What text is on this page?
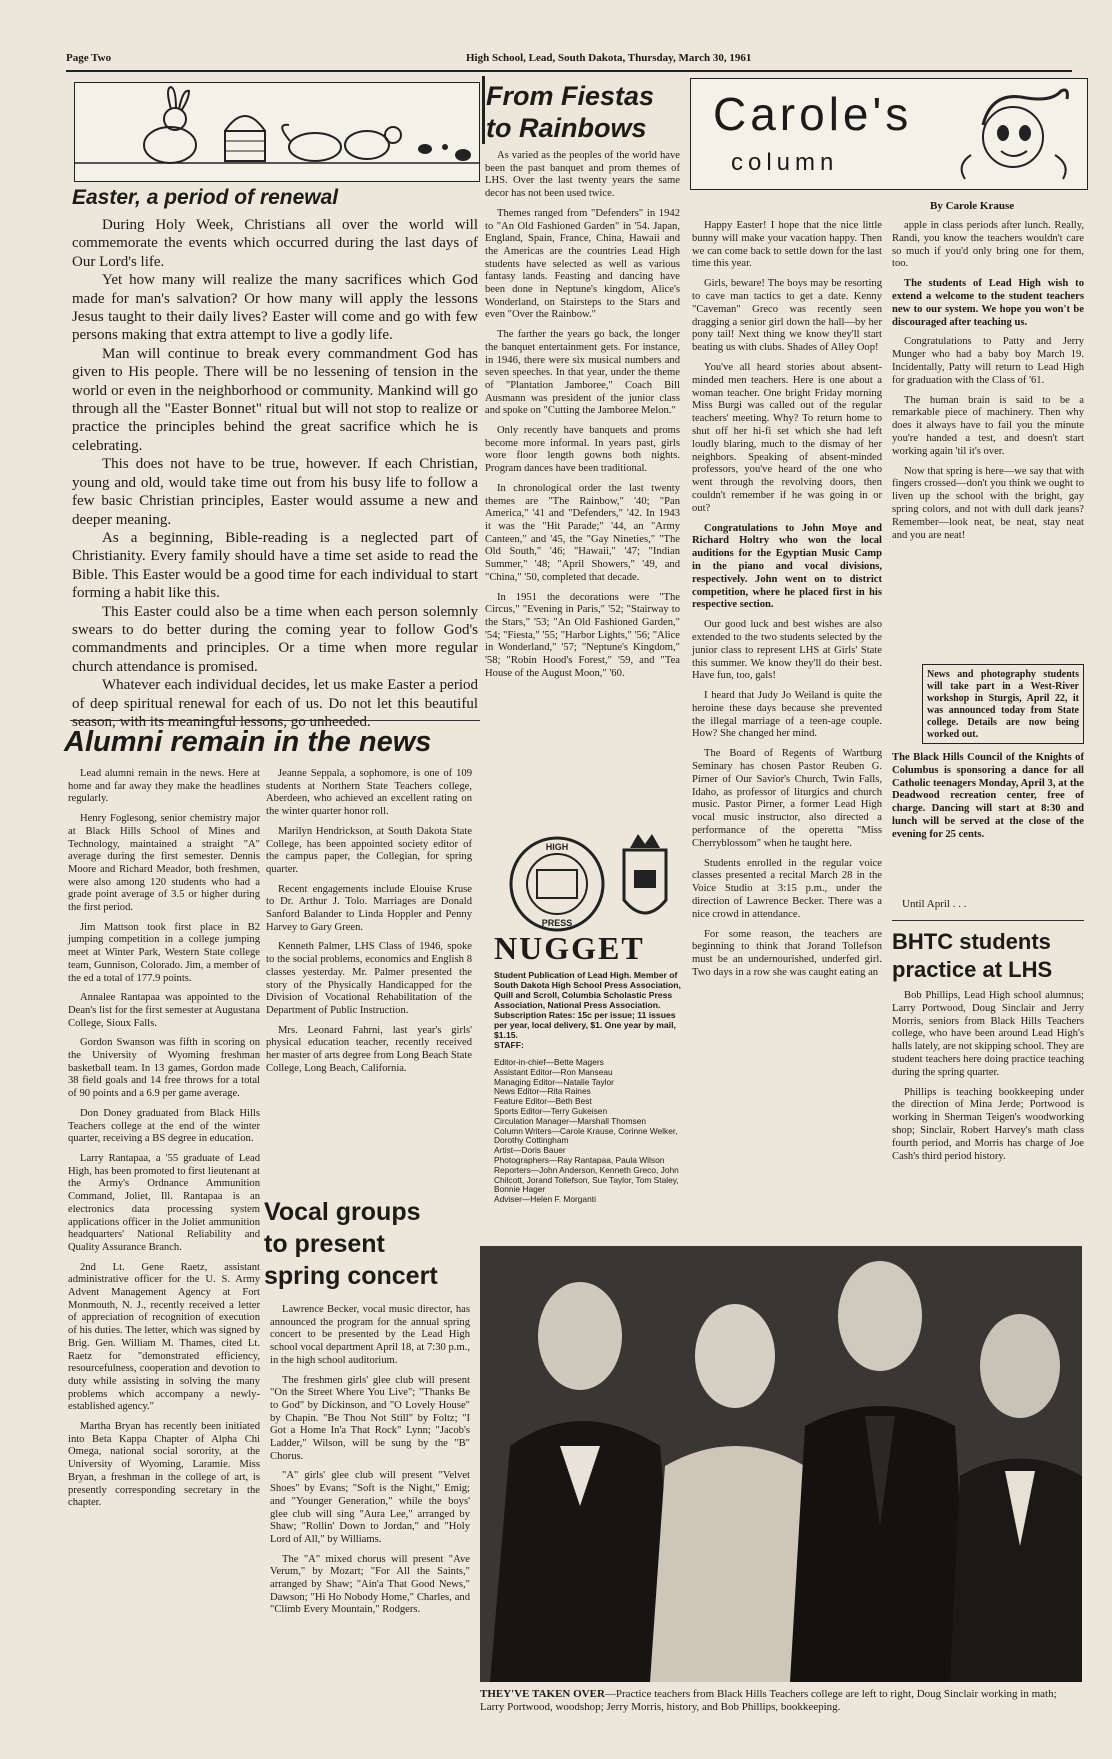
Page Two	High School, Lead, South Dakota, Thursday, March 30, 1961
Easter, a period of renewal

During Holy Week, Christians all over the world will commemorate the events which occurred during the last days of Our Lord's life.

Yet how many will realize the many sacrifices which God made for man's salvation? Or how many will apply the lessons Jesus taught to their daily lives? Easter will come and go with few persons making that extra attempt to live a godly life.

Man will continue to break every commandment God has given to His people. There will be no lessening of tension in the world or even in the neighborhood or community. Mankind will go through all the "Easter Bonnet" ritual but will not stop to realize or practice the principles behind the great sacrifice which he is celebrating.

This does not have to be true, however. If each Christian, young and old, would take time out from his busy life to follow a few basic Christian principles, Easter would assume a new and deeper meaning.

As a beginning, Bible-reading is a neglected part of Christianity. Every family should have a time set aside to read the Bible. This Easter would be a good time for each individual to start forming a habit like this.

This Easter could also be a time when each person solemnly swears to do better during the coming year to follow God's commandments and principles. Or a time when more regular church attendance is promised.

Whatever each individual decides, let us make Easter a period of deep spiritual renewal for each of us. Do not let this beautiful season, with its meaningful lessons, go unheeded.

From Fiestas
to Rainbows

As varied as the peoples of the world have been the past banquet and prom themes of LHS. Over the last twenty years the same decor has not been used twice.

Themes ranged from "Defenders" in 1942 to "An Old Fashioned Garden" in '54. Japan, England, Spain, France, China, Hawaii and the Americas are the countries Lead High students have selected as well as various fantasy lands. Feasting and dancing have been done in Neptune's kingdom, Alice's Wonderland, on Stairsteps to the Stars and even "Over the Rainbow."

The farther the years go back, the longer the banquet entertainment gets. For instance, in 1946, there were six musical numbers and seven speeches. In that year, under the theme of "Plantation Jamboree," Coach Bill Ausmann was president of the junior class and spoke on "Cutting the Jamboree Melon."

Only recently have banquets and proms become more informal. In years past, girls wore floor length gowns both nights. Program dances have been traditional.

In chronological order the last twenty themes are "The Rainbow," '40; "Pan America," '41 and "Defenders," '42. In 1943 it was the "Hit Parade;" '44, an "Army Canteen," and '45, the "Gay Nineties," "The Old South," '46; "Hawaii," '47; "Indian Summer," '48; "April Showers," '49, and "China," '50, completed that decade.

In 1951 the decorations were "The Circus," "Evening in Paris," '52; "Stairway to the Stars," '53; "An Old Fashioned Garden," '54; "Fiesta," '55; "Harbor Lights," '56; "Alice in Wonderland," '57; "Neptune's Kingdom," '58; "Robin Hood's Forest," '59, and "Tea House of the August Moon," '60.

Carole's
column
By Carole Krause

Happy Easter! I hope that the nice little bunny will make your vacation happy. Then we can come back to settle down for the last time this year.

Girls, beware! The boys may be resorting to cave man tactics to get a date. Kenny "Caveman" Greco was recently seen dragging a senior girl down the hall—by her pony tail! Next thing we know they'll start beating us with clubs. Shades of Alley Oop!

You've all heard stories about absent-minded men teachers. Here is one about a woman teacher. One bright Friday morning Miss Burgi was called out of the regular teachers' meeting. Why? To return home to shut off her hi-fi set which she had left loudly blaring, much to the dismay of her neighbors. Speaking of absent-minded professors, you've heard of the one who went through the revolving doors, then couldn't remember if he was going in or out?

Congratulations to John Moye and Richard Holtry who won the local auditions for the Egyptian Music Camp in the piano and vocal divisions, respectively. John went on to district competition, where he placed first in his respective section.

Our good luck and best wishes are also extended to the two students selected by the junior class to represent LHS at Girls' State this summer. We know they'll do their best. Have fun, too, gals!

I heard that Judy Jo Weiland is quite the heroine these days because she prevented the illegal marriage of a teen-age couple. How? She changed her mind.

The Board of Regents of Wartburg Seminary has chosen Pastor Reuben G. Pirner of Our Savior's Church, Twin Falls, Idaho, as professor of liturgics and church music. Pastor Pirner, a former Lead High vocal music instructor, also directed a performance of the operetta "Miss Cherryblossom" when he taught here.

Students enrolled in the regular voice classes presented a recital March 28 in the Voice Studio at 3:15 p.m., under the direction of Lawrence Becker. There was a nice crowd in attendance.

For some reason, the teachers are beginning to think that Jorand Tollefson must be an undernourished, underfed girl. Two days in a row she was caught eating an

apple in class periods after lunch. Really, Randi, you know the teachers wouldn't care so much if you'd only bring one for them, too.

The students of Lead High wish to extend a welcome to the student teachers new to our system. We hope you won't be discouraged after teaching us.

Congratulations to Patty and Jerry Munger who had a baby boy March 19. Incidentally, Patty will return to Lead High for graduation with the Class of '61.

The human brain is said to be a remarkable piece of machinery. Then why does it always have to fail you the minute you're handed a test, and doesn't start working again 'til it's over.

Now that spring is here—we say that with fingers crossed—don't you think we ought to liven up the school with the bright, gay spring colors, and not with dull dark jeans? Remember—look neat, be neat, stay neat and you are neat!

News and photography students will take part in a West-River workshop in Sturgis, April 22, it was announced today from State college. Details are now being worked out.
The Black Hills Council of the Knights of Columbus is sponsoring a dance for all Catholic teenagers Monday, April 3, at the Deadwood recreation center, free of charge. Dancing will start at 8:30 and lunch will be served at the close of the evening for 25 cents.
Until April . . .
BHTC students
practice at LHS

Bob Phillips, Lead High school alumnus; Larry Portwood, Doug Sinclair and Jerry Morris, seniors from Black Hills Teachers college, who have been around Lead High's halls lately, are not skipping school. They are student teachers here doing practice teaching during the spring quarter.

Phillips is teaching bookkeeping under the direction of Mina Jerde; Portwood is working in Sherman Teigen's woodworking shop; Sinclair, Robert Harvey's math class fourth period, and Morris has charge of Joe Cash's third period history.

Alumni remain in the news

Lead alumni remain in the news. Here at home and far away they make the headlines regularly.

Henry Foglesong, senior chemistry major at Black Hills School of Mines and Technology, maintained a straight "A" average during the first semester. Dennis Moore and Richard Meador, both freshmen, were also among 120 students who had a grade point average of 3.5 or higher during the first period.

Jim Mattson took first place in B2 jumping competition in a college jumping meet at Winter Park, Western State college team, Gunnison, Colorado. Jim, a member of the ed a total of 177.9 points.

Annalee Rantapaa was appointed to the Dean's list for the first semester at Augustana College, Sioux Falls.

Gordon Swanson was fifth in scoring on the University of Wyoming freshman basketball team. In 13 games, Gordon made 38 field goals and 14 free throws for a total of 90 points and a 6.9 per game average.

Don Doney graduated from Black Hills Teachers college at the end of the winter quarter, receiving a BS degree in education.

Larry Rantapaa, a '55 graduate of Lead High, has been promoted to first lieutenant at the Army's Ordnance Ammunition Command, Joliet, Ill. Rantapaa is an electronics data processing system applications officer in the Joliet ammunition headquarters' National Reliability and Quality Assurance Branch.

2nd Lt. Gene Raetz, assistant administrative officer for the U. S. Army Advent Management Agency at Fort Monmouth, N. J., recently received a letter of appreciation of recognition of execution of his duties. The letter, which was signed by Brig. Gen. William M. Thames, cited Lt. Raetz for "demonstrated efficiency, resourcefulness, cooperation and devotion to duty while assisting in solving the many problems which accompany a newly-established agency."

Martha Bryan has recently been initiated into Beta Kappa Chapter of Alpha Chi Omega, national social sorority, at the University of Wyoming, Laramie. Miss Bryan, a freshman in the college of art, is presently corresponding secretary in the chapter.

Jeanne Seppala, a sophomore, is one of 109 students at Northern State Teachers college, Aberdeen, who achieved an excellent rating on the winter quarter honor roll.

Marilyn Hendrickson, at South Dakota State College, has been appointed society editor of the campus paper, the Collegian, for spring quarter.

Recent engagements include Elouise Kruse to Dr. Arthur J. Tolo. Marriages are Donald Sanford Balander to Linda Hoppler and Penny Harvey to Gary Green.

Kenneth Palmer, LHS Class of 1946, spoke to the social problems, economics and English 8 classes yesterday. Mr. Palmer presented the story of the Physically Handicapped for the Division of Vocational Rehabilitation of the Department of Public Instruction.

Mrs. Leonard Fahrni, last year's girls' physical education teacher, recently received her master of arts degree from Long Beach State College, Long Beach, California.

Vocal groups
to present
spring concert

Lawrence Becker, vocal music director, has announced the program for the annual spring concert to be presented by the Lead High school vocal department April 18, at 7:30 p.m., in the high school auditorium.

The freshmen girls' glee club will present "On the Street Where You Live"; "Thanks Be to God" by Dickinson, and "O Lovely House" by Chapin. "Be Thou Not Still" by Foltz; "I Got a Home In'a That Rock" Lynn; "Jacob's Ladder," Wilson, will be sung by the "B" Chorus.

"A" girls' glee club will present "Velvet Shoes" by Evans; "Soft is the Night," Emig; and "Younger Generation," while the boys' glee club will sing "Aura Lee," arranged by Shaw; "Rollin' Down to Jordan," and "Holy Lord of All," by Williams.

The "A" mixed chorus will present "Ave Verum," by Mozart; "For All the Saints," arranged by Shaw; "Ain'a That Good News," Dawson; "Hi Ho Nobody Home," Charles, and "Climb Every Mountain," Rodgers.

HIGH
PRESS
NUGGET
Student Publication of Lead High. Member of South Dakota High School Press Association, Quill and Scroll, Columbia Scholastic Press Association, National Press Association.
Subscription Rates: 15c per issue; 11 issues per year, local delivery, $1. One year by mail, $1.15.
STAFF:
Editor-in-chief—Bette Magers
Assistant Editor—Ron Manseau
Managing Editor—Natalie Taylor
News Editor—Rita Raines
Feature Editor—Beth Best
Sports Editor—Terry Gukeisen
Circulation Manager—Marshall Thomsen
Column Writers—Carole Krause, Corinne Welker, Dorothy Cottingham
Artist—Doris Bauer
Photographers—Ray Rantapaa, Paula Wilson
Reporters—John Anderson, Kenneth Greco, John Chilcott, Jorand Tollefson, Sue Taylor, Tom Staley, Bonnie Hager
Adviser—Helen F. Morganti
THEY'VE TAKEN OVER—Practice teachers from Black Hills Teachers college are left to right, Doug Sinclair working in math; Larry Portwood, woodshop; Jerry Morris, history, and Bob Phillips, bookkeeping.
